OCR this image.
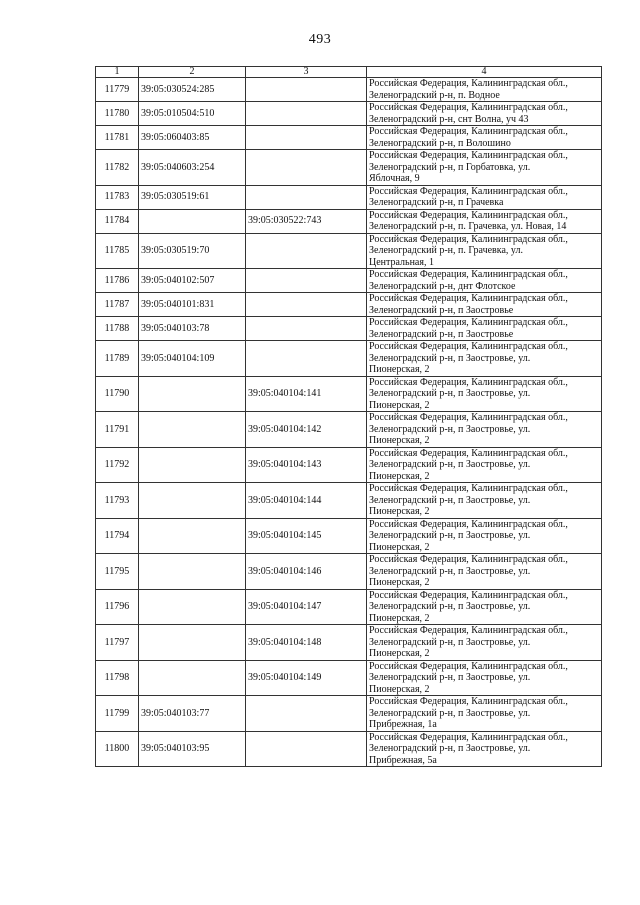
493
1	2	3	4
11779	39:05:030524:285		Российская Федерация, Калининградская обл.,
Зеленоградский р-н, п. Водное

11780	39:05:010504:510		Российская Федерация, Калининградская обл.,
Зеленоградский р-н, снт Волна, уч 43

11781	39:05:060403:85		Российская Федерация, Калининградская обл.,
Зеленоградский р-н, п Волошино

11782	39:05:040603:254		Российская Федерация, Калининградская обл.,
Зеленоградский р-н, п Горбатовка, ул.
Яблочная, 9

11783	39:05:030519:61		Российская Федерация, Калининградская обл.,
Зеленоградский р-н, п Грачевка

11784		39:05:030522:743	Российская Федерация, Калининградская обл.,
Зеленоградский р-н, п. Грачевка, ул. Новая, 14

11785	39:05:030519:70		Российская Федерация, Калининградская обл.,
Зеленоградский р-н, п. Грачевка, ул.
Центральная, 1

11786	39:05:040102:507		Российская Федерация, Калининградская обл.,
Зеленоградский р-н, днт Флотское

11787	39:05:040101:831		Российская Федерация, Калининградская обл.,
Зеленоградский р-н, п Заостровье

11788	39:05:040103:78		Российская Федерация, Калининградская обл.,
Зеленоградский р-н, п Заостровье

11789	39:05:040104:109		Российская Федерация, Калининградская обл.,
Зеленоградский р-н, п Заостровье, ул.
Пионерская, 2

11790		39:05:040104:141	Российская Федерация, Калининградская обл.,
Зеленоградский р-н, п Заостровье, ул.
Пионерская, 2

11791		39:05:040104:142	Российская Федерация, Калининградская обл.,
Зеленоградский р-н, п Заостровье, ул.
Пионерская, 2

11792		39:05:040104:143	Российская Федерация, Калининградская обл.,
Зеленоградский р-н, п Заостровье, ул.
Пионерская, 2

11793		39:05:040104:144	Российская Федерация, Калининградская обл.,
Зеленоградский р-н, п Заостровье, ул.
Пионерская, 2

11794		39:05:040104:145	Российская Федерация, Калининградская обл.,
Зеленоградский р-н, п Заостровье, ул.
Пионерская, 2

11795		39:05:040104:146	Российская Федерация, Калининградская обл.,
Зеленоградский р-н, п Заостровье, ул.
Пионерская, 2

11796		39:05:040104:147	Российская Федерация, Калининградская обл.,
Зеленоградский р-н, п Заостровье, ул.
Пионерская, 2

11797		39:05:040104:148	Российская Федерация, Калининградская обл.,
Зеленоградский р-н, п Заостровье, ул.
Пионерская, 2

11798		39:05:040104:149	Российская Федерация, Калининградская обл.,
Зеленоградский р-н, п Заостровье, ул.
Пионерская, 2

11799	39:05:040103:77		Российская Федерация, Калининградская обл.,
Зеленоградский р-н, п Заостровье, ул.
Прибрежная, 1а

11800	39:05:040103:95		Российская Федерация, Калининградская обл.,
Зеленоградский р-н, п Заостровье, ул.
Прибрежная, 5а
